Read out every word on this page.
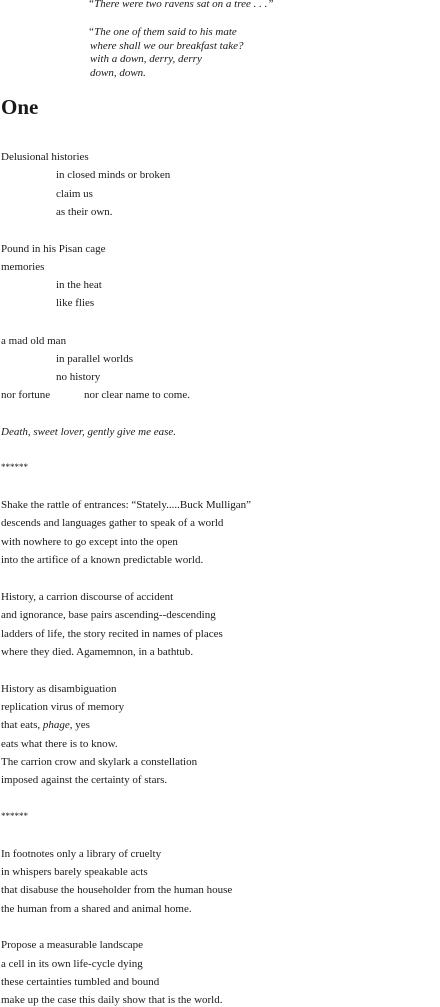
“There were two ravens sat on a tree . . .”
“The one of them said to his mate
where shall we our breakfast take?
with a down, derry, derry
down, down.
One
Delusional histories
in closed minds or broken
claim us
as their own.
Pound in his Pisan cage
memories
in the heat
like flies
a mad old man
in parallel worlds
no history
nor fortune	nor clear name to come.
Death, sweet lover, gently give me ease.
******
Shake the rattle of entrances: “Stately.....Buck Mulligan”
descends and languages gather to speak of a world
with nowhere to go except into the open
into the artifice of a known predictable world.
History, a carrion discourse of accident
and ignorance, base pairs ascending--descending
ladders of life, the story recited in names of places
where they died. Agamemnon, in a bathtub.
History as disambiguation
replication virus of memory
that eats, phage, yes
eats what there is to know.
The carrion crow and skylark a constellation
imposed against the certainty of stars.
******
In footnotes only a library of cruelty
in whispers barely speakable acts
that disabuse the householder from the human house
the human from a shared and animal home.
Propose a measurable landscape
a cell in its own life-cycle dying
these certainties tumbled and bound
make up the case this daily show that is the world.
